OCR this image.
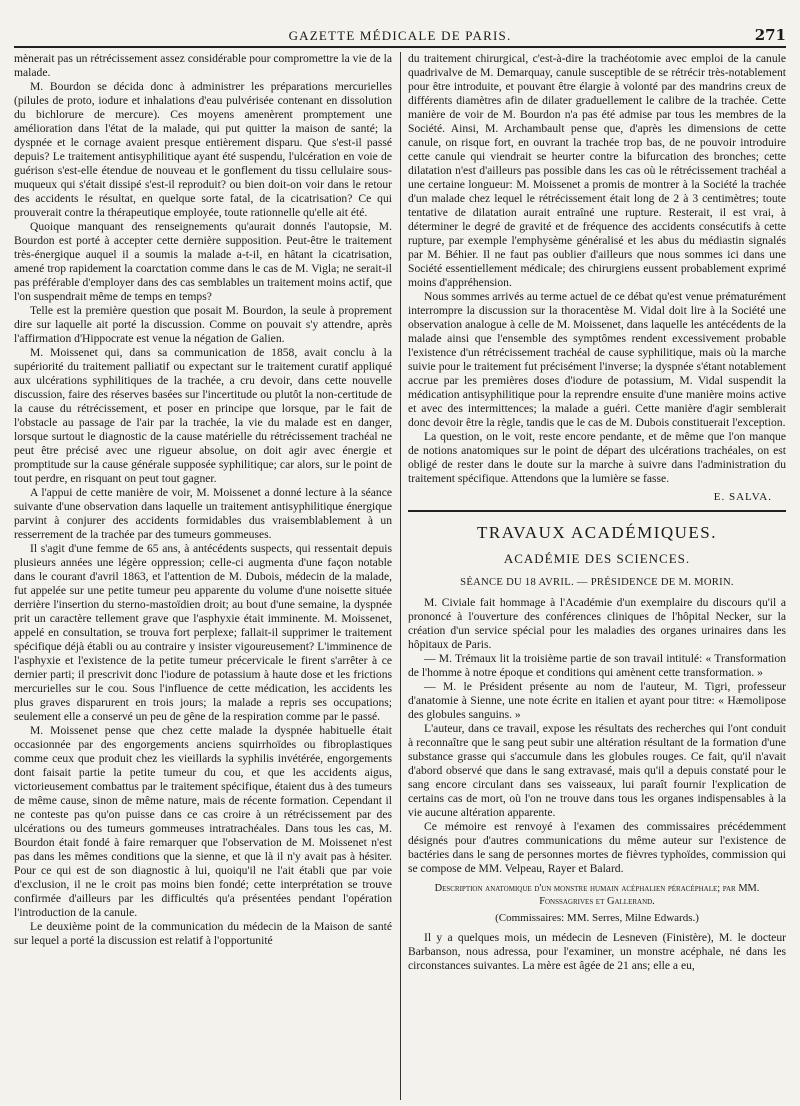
GAZETTE MÉDICALE DE PARIS.	271

mènerait pas un rétrécissement assez considérable pour compromettre la vie de la malade.

M. Bourdon se décida donc à administrer les préparations mercurielles (pilules de proto, iodure et inhalations d'eau pulvérisée contenant en dissolution du bichlorure de mercure). Ces moyens amenèrent promptement une amélioration dans l'état de la malade, qui put quitter la maison de santé; la dyspnée et le cornage avaient presque entièrement disparu. Que s'est-il passé depuis? Le traitement antisyphilitique ayant été suspendu, l'ulcération en voie de guérison s'est-elle étendue de nouveau et le gonflement du tissu cellulaire sous-muqueux qui s'était dissipé s'est-il reproduit? ou bien doit-on voir dans le retour des accidents le résultat, en quelque sorte fatal, de la cicatrisation? Ce qui prouverait contre la thérapeutique employée, toute rationnelle qu'elle ait été.

Quoique manquant des renseignements qu'aurait donnés l'autopsie, M. Bourdon est porté à accepter cette dernière supposition. Peut-être le traitement très-énergique auquel il a soumis la malade a-t-il, en hâtant la cicatrisation, amené trop rapidement la coarctation comme dans le cas de M. Vigla; ne serait-il pas préférable d'employer dans des cas semblables un traitement moins actif, que l'on suspendrait même de temps en temps?

Telle est la première question que posait M. Bourdon, la seule à proprement dire sur laquelle ait porté la discussion. Comme on pouvait s'y attendre, après l'affirmation d'Hippocrate est venue la négation de Galien.

M. Moissenet qui, dans sa communication de 1858, avait conclu à la supériorité du traitement palliatif ou expectant sur le traitement curatif appliqué aux ulcérations syphilitiques de la trachée, a cru devoir, dans cette nouvelle discussion, faire des réserves basées sur l'incertitude ou plutôt la non-certitude de la cause du rétrécissement, et poser en principe que lorsque, par le fait de l'obstacle au passage de l'air par la trachée, la vie du malade est en danger, lorsque surtout le diagnostic de la cause matérielle du rétrécissement trachéal ne peut être précisé avec une rigueur absolue, on doit agir avec énergie et promptitude sur la cause générale supposée syphilitique; car alors, sur le point de tout perdre, en risquant on peut tout gagner.

A l'appui de cette manière de voir, M. Moissenet a donné lecture à la séance suivante d'une observation dans laquelle un traitement antisyphilitique énergique parvint à conjurer des accidents formidables dus vraisemblablement à un resserrement de la trachée par des tumeurs gommeuses.

Il s'agit d'une femme de 65 ans, à antécédents suspects, qui ressentait depuis plusieurs années une légère oppression; celle-ci augmenta d'une façon notable dans le courant d'avril 1863, et l'attention de M. Dubois, médecin de la malade, fut appelée sur une petite tumeur peu apparente du volume d'une noisette située derrière l'insertion du sterno-mastoïdien droit; au bout d'une semaine, la dyspnée prit un caractère tellement grave que l'asphyxie était imminente. M. Moissenet, appelé en consultation, se trouva fort perplexe; fallait-il supprimer le traitement spécifique déjà établi ou au contraire y insister vigoureusement? L'imminence de l'asphyxie et l'existence de la petite tumeur précervicale le firent s'arrêter à ce dernier parti; il prescrivit donc l'iodure de potassium à haute dose et les frictions mercurielles sur le cou. Sous l'influence de cette médication, les accidents les plus graves disparurent en trois jours; la malade a repris ses occupations; seulement elle a conservé un peu de gêne de la respiration comme par le passé.

M. Moissenet pense que chez cette malade la dyspnée habituelle était occasionnée par des engorgements anciens squirrhoïdes ou fibroplastiques comme ceux que produit chez les vieillards la syphilis invétérée, engorgements dont faisait partie la petite tumeur du cou, et que les accidents aigus, victorieusement combattus par le traitement spécifique, étaient dus à des tumeurs de même cause, sinon de même nature, mais de récente formation. Cependant il ne conteste pas qu'on puisse dans ce cas croire à un rétrécissement par des ulcérations ou des tumeurs gommeuses intratrachéales. Dans tous les cas, M. Bourdon était fondé à faire remarquer que l'observation de M. Moissenet n'est pas dans les mêmes conditions que la sienne, et que là il n'y avait pas à hésiter. Pour ce qui est de son diagnostic à lui, quoiqu'il ne l'ait établi que par voie d'exclusion, il ne le croit pas moins bien fondé; cette interprétation se trouve confirmée d'ailleurs par les difficultés qu'a présentées pendant l'opération l'introduction de la canule.

Le deuxième point de la communication du médecin de la Maison de santé sur lequel a porté la discussion est relatif à l'opportunité

du traitement chirurgical, c'est-à-dire la trachéotomie avec emploi de la canule quadrivalve de M. Demarquay, canule susceptible de se rétrécir très-notablement pour être introduite, et pouvant être élargie à volonté par des mandrins creux de différents diamètres afin de dilater graduellement le calibre de la trachée. Cette manière de voir de M. Bourdon n'a pas été admise par tous les membres de la Société. Ainsi, M. Archambault pense que, d'après les dimensions de cette canule, on risque fort, en ouvrant la trachée trop bas, de ne pouvoir introduire cette canule qui viendrait se heurter contre la bifurcation des bronches; cette dilatation n'est d'ailleurs pas possible dans les cas où le rétrécissement trachéal a une certaine longueur: M. Moissenet a promis de montrer à la Société la trachée d'un malade chez lequel le rétrécissement était long de 2 à 3 centimètres; toute tentative de dilatation aurait entraîné une rupture. Resterait, il est vrai, à déterminer le degré de gravité et de fréquence des accidents consécutifs à cette rupture, par exemple l'emphysème généralisé et les abus du médiastin signalés par M. Béhier. Il ne faut pas oublier d'ailleurs que nous sommes ici dans une Société essentiellement médicale; des chirurgiens eussent probablement exprimé moins d'appréhension.

Nous sommes arrivés au terme actuel de ce débat qu'est venue prématurément interrompre la discussion sur la thoracentèse M. Vidal doit lire à la Société une observation analogue à celle de M. Moissenet, dans laquelle les antécédents de la malade ainsi que l'ensemble des symptômes rendent excessivement probable l'existence d'un rétrécissement trachéal de cause syphilitique, mais où la marche suivie pour le traitement fut précisément l'inverse; la dyspnée s'étant notablement accrue par les premières doses d'iodure de potassium, M. Vidal suspendit la médication antisyphilitique pour la reprendre ensuite d'une manière moins active et avec des intermittences; la malade a guéri. Cette manière d'agir semblerait donc devoir être la règle, tandis que le cas de M. Dubois constituerait l'exception.

La question, on le voit, reste encore pendante, et de même que l'on manque de notions anatomiques sur le point de départ des ulcérations trachéales, on est obligé de rester dans le doute sur la marche à suivre dans l'administration du traitement spécifique. Attendons que la lumière se fasse.

E. SALVA.
TRAVAUX ACADÉMIQUES.
ACADÉMIE DES SCIENCES.
SÉANCE DU 18 AVRIL. — PRÉSIDENCE DE M. MORIN.

M. Civiale fait hommage à l'Académie d'un exemplaire du discours qu'il a prononcé à l'ouverture des conférences cliniques de l'hôpital Necker, sur la création d'un service spécial pour les maladies des organes urinaires dans les hôpitaux de Paris.

— M. Trémaux lit la troisième partie de son travail intitulé: « Transformation de l'homme à notre époque et conditions qui amènent cette transformation. »

— M. le Président présente au nom de l'auteur, M. Tigri, professeur d'anatomie à Sienne, une note écrite en italien et ayant pour titre: « Hæmolipose des globules sanguins. »

L'auteur, dans ce travail, expose les résultats des recherches qui l'ont conduit à reconnaître que le sang peut subir une altération résultant de la formation d'une substance grasse qui s'accumule dans les globules rouges. Ce fait, qu'il n'avait d'abord observé que dans le sang extravasé, mais qu'il a depuis constaté pour le sang encore circulant dans ses vaisseaux, lui paraît fournir l'explication de certains cas de mort, où l'on ne trouve dans tous les organes indispensables à la vie aucune altération apparente.

Ce mémoire est renvoyé à l'examen des commissaires précédemment désignés pour d'autres communications du même auteur sur l'existence de bactéries dans le sang de personnes mortes de fièvres typhoïdes, commission qui se compose de MM. Velpeau, Rayer et Balard.

Description anatomique d'un monstre humain acéphalien péracéphale; par MM. Fonssagrives et Gallerand.
(Commissaires: MM. Serres, Milne Edwards.)

Il y a quelques mois, un médecin de Lesneven (Finistère), M. le docteur Barbanson, nous adressa, pour l'examiner, un monstre acéphale, né dans les circonstances suivantes. La mère est âgée de 21 ans; elle a eu,
